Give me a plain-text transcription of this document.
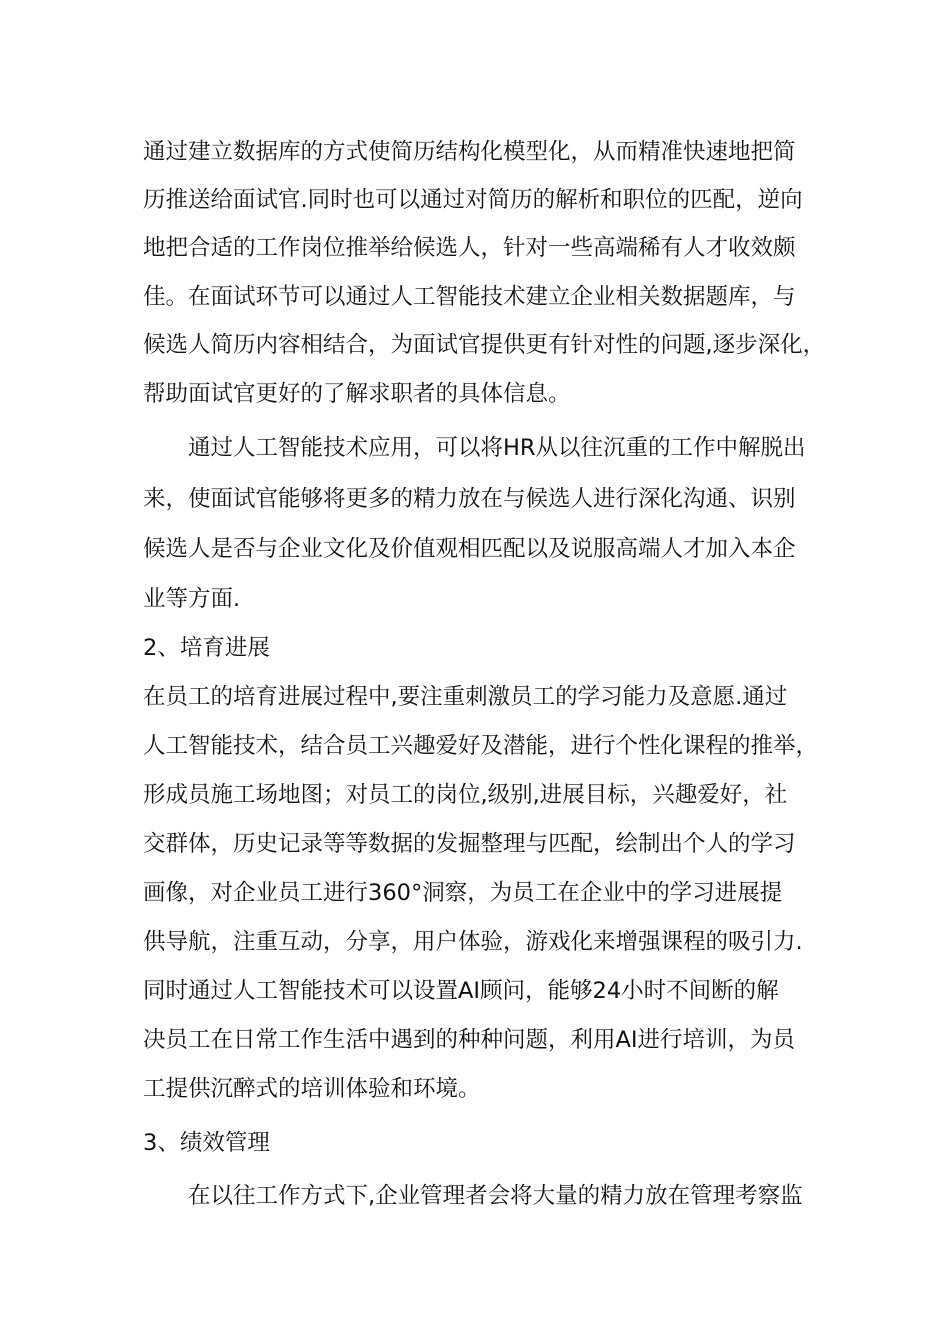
通过建立数据库的方式使简历结构化模型化，从而精准快速地把简
历推送给面试官.同时也可以通过对简历的解析和职位的匹配，逆向
地把合适的工作岗位推举给候选人，针对一些高端稀有人才收效颇
佳。在面试环节可以通过人工智能技术建立企业相关数据题库，与
候选人简历内容相结合，为面试官提供更有针对性的问题,逐步深化，
帮助面试官更好的了解求职者的具体信息。
通过人工智能技术应用，可以将HR从以往沉重的工作中解脱出
来，使面试官能够将更多的精力放在与候选人进行深化沟通、识别
候选人是否与企业文化及价值观相匹配以及说服高端人才加入本企
业等方面.
2、培育进展
在员工的培育进展过程中,要注重刺激员工的学习能力及意愿.通过
人工智能技术，结合员工兴趣爱好及潜能，进行个性化课程的推举，
形成员施工场地图；对员工的岗位,级别,进展目标，兴趣爱好，社
交群体，历史记录等等数据的发掘整理与匹配，绘制出个人的学习
画像，对企业员工进行360°洞察，为员工在企业中的学习进展提
供导航，注重互动，分享，用户体验，游戏化来增强课程的吸引力.
同时通过人工智能技术可以设置AI顾问，能够24小时不间断的解
决员工在日常工作生活中遇到的种种问题，利用AI进行培训，为员
工提供沉醉式的培训体验和环境。
3、绩效管理
在以往工作方式下,企业管理者会将大量的精力放在管理考察监
